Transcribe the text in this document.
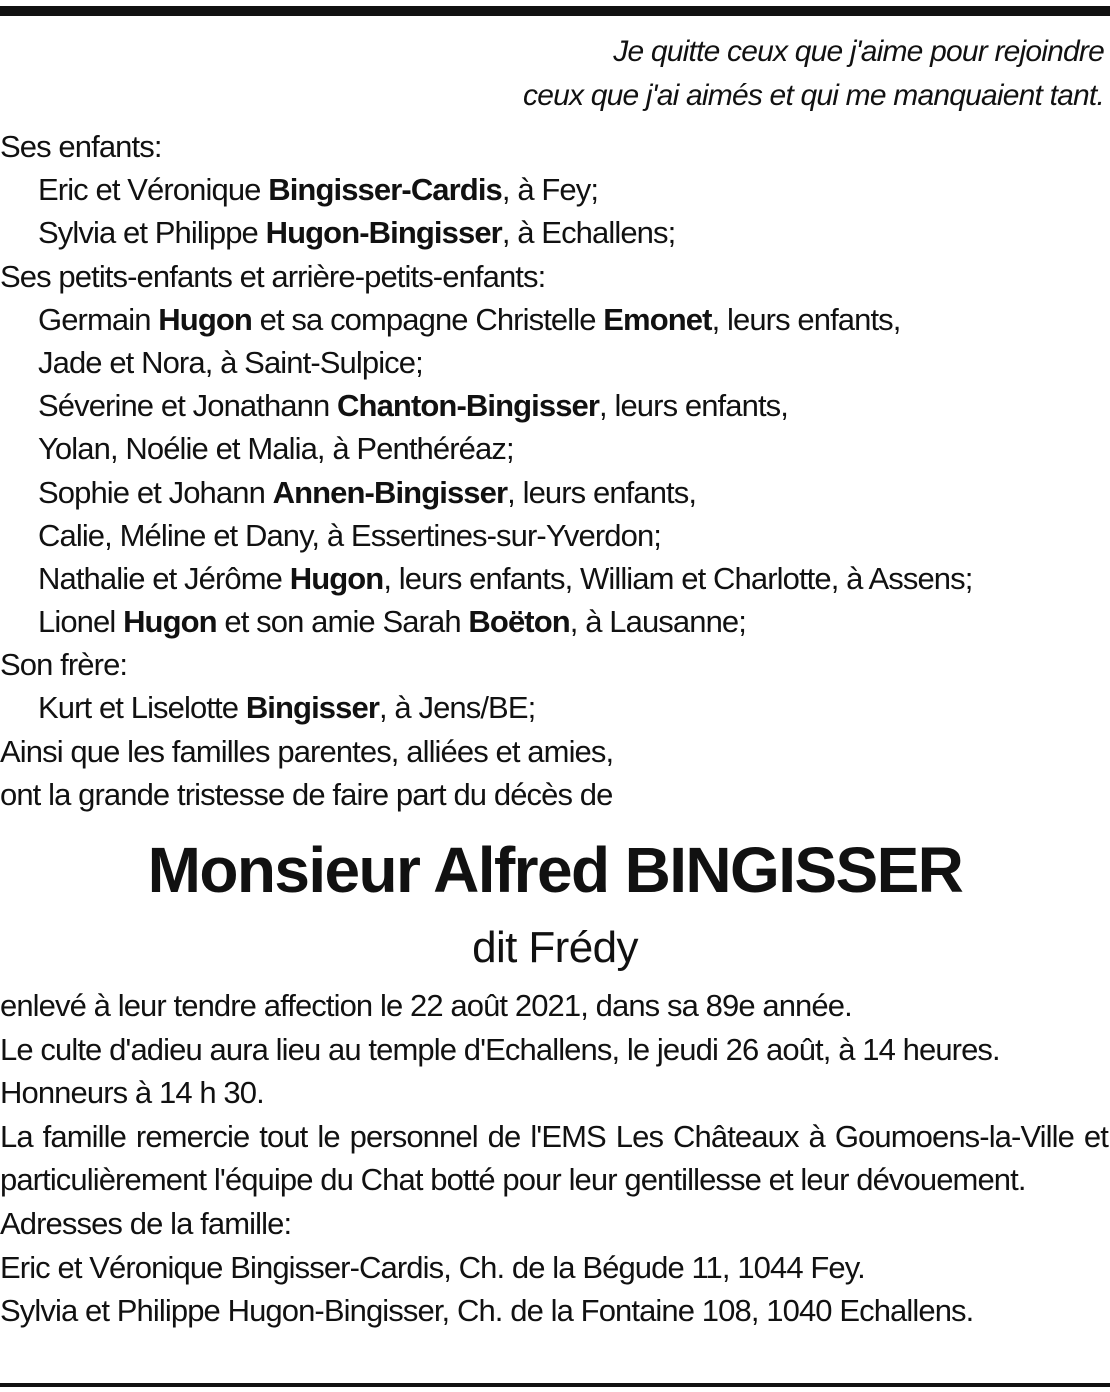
Je quitte ceux que j'aime pour rejoindre
ceux que j'ai aimés et qui me manquaient tant.
Ses enfants:
Eric et Véronique Bingisser-Cardis, à Fey;
Sylvia et Philippe Hugon-Bingisser, à Echallens;
Ses petits-enfants et arrière-petits-enfants:
Germain Hugon et sa compagne Christelle Emonet, leurs enfants,
Jade et Nora, à Saint-Sulpice;
Séverine et Jonathann Chanton-Bingisser, leurs enfants,
Yolan, Noélie et Malia, à Penthéréaz;
Sophie et Johann Annen-Bingisser, leurs enfants,
Calie, Méline et Dany, à Essertines-sur-Yverdon;
Nathalie et Jérôme Hugon, leurs enfants, William et Charlotte, à Assens;
Lionel Hugon et son amie Sarah Boëton, à Lausanne;
Son frère:
Kurt et Liselotte Bingisser, à Jens/BE;
Ainsi que les familles parentes, alliées et amies,
ont la grande tristesse de faire part du décès de
Monsieur Alfred BINGISSER
dit Frédy
enlevé à leur tendre affection le 22 août 2021, dans sa 89e année.
Le culte d'adieu aura lieu au temple d'Echallens, le jeudi 26 août, à 14 heures.
Honneurs à 14 h 30.
La famille remercie tout le personnel de l'EMS Les Châteaux à Goumoens-la-Ville et particulièrement l'équipe du Chat botté pour leur gentillesse et leur dévouement.
Adresses de la famille:
Eric et Véronique Bingisser-Cardis, Ch. de la Bégude 11, 1044 Fey.
Sylvia et Philippe Hugon-Bingisser, Ch. de la Fontaine 108, 1040 Echallens.
